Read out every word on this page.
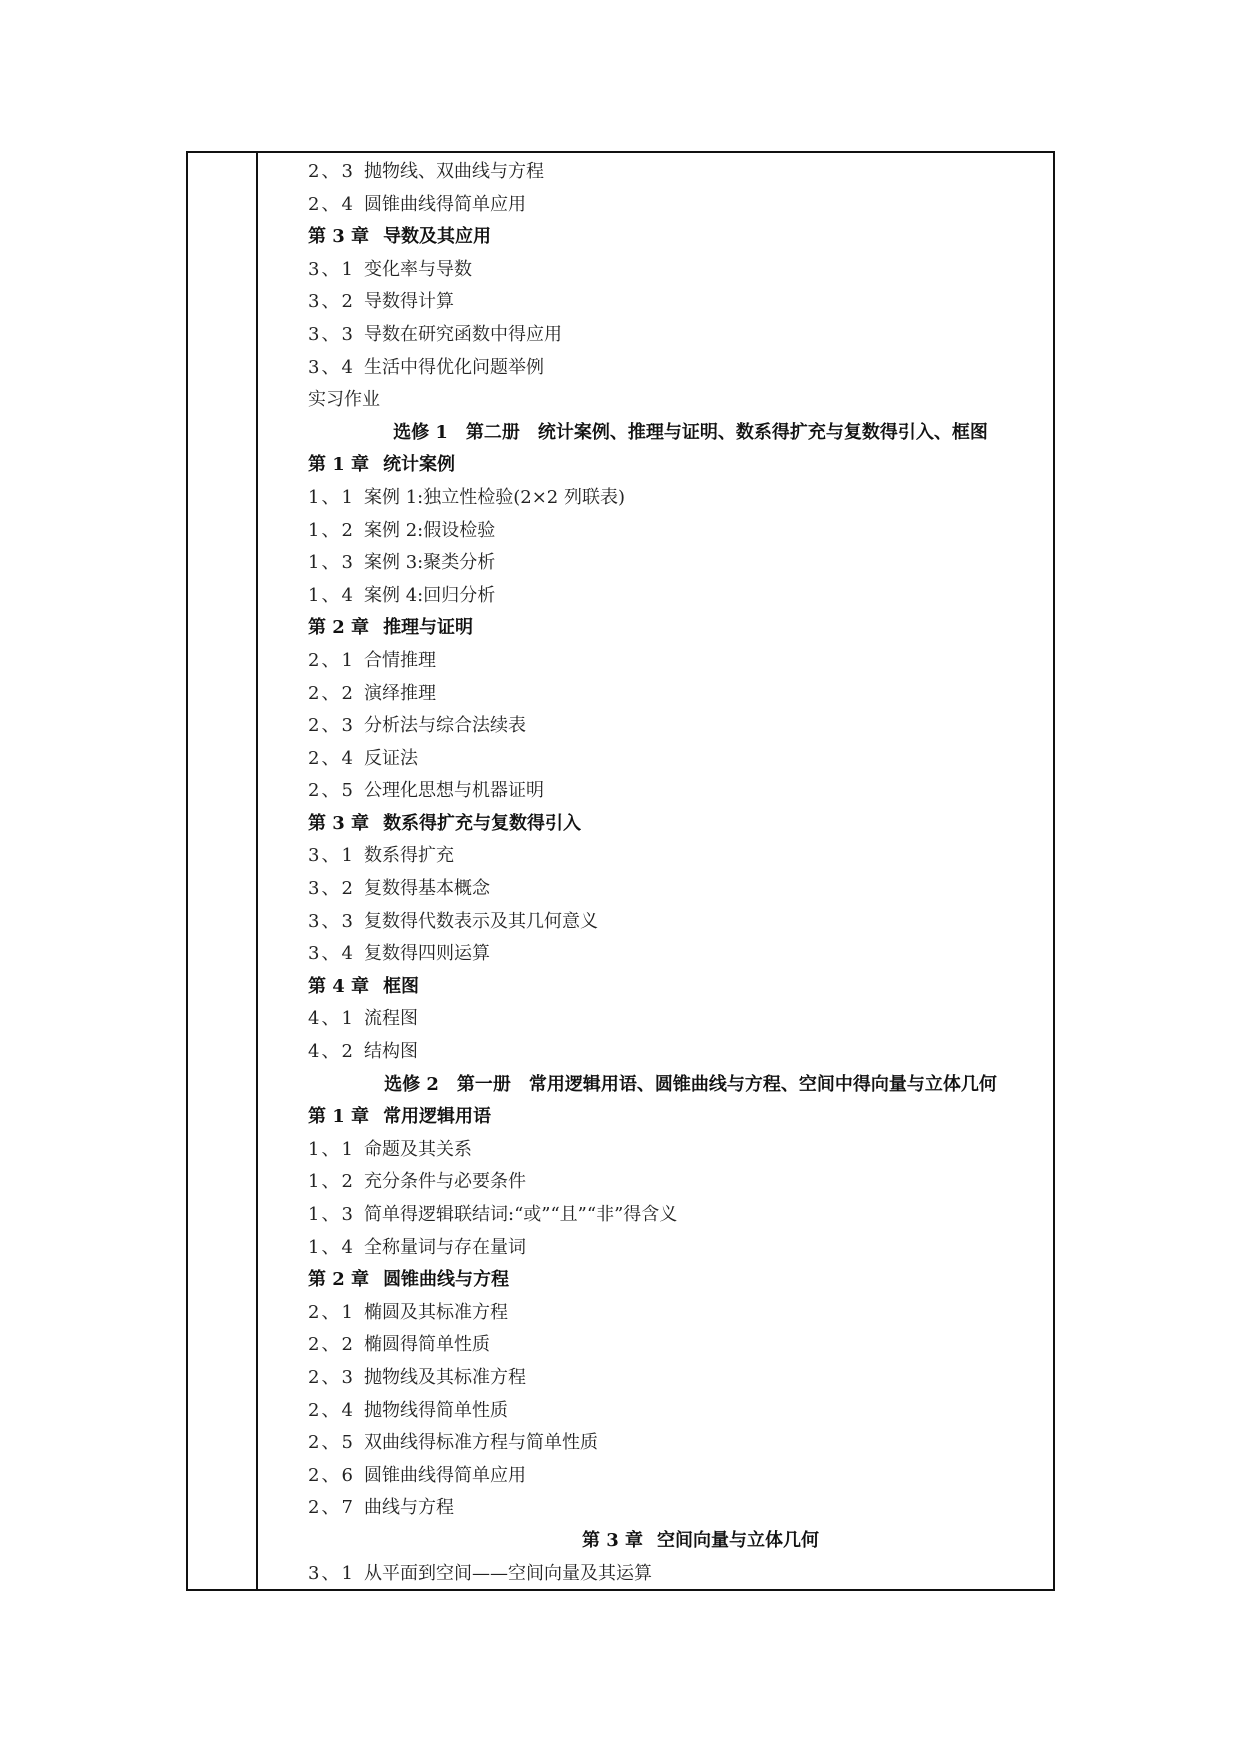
2、3 抛物线、双曲线与方程
2、4 圆锥曲线得简单应用
第 3 章 导数及其应用
3、1 变化率与导数
3、2 导数得计算
3、3 导数在研究函数中得应用
3、4 生活中得优化问题举例
实习作业
选修 1 第二册 统计案例、推理与证明、数系得扩充与复数得引入、框图
第 1 章 统计案例
1、1 案例 1:独立性检验(2×2 列联表)
1、2 案例 2:假设检验
1、3 案例 3:聚类分析
1、4 案例 4:回归分析
第 2 章 推理与证明
2、1 合情推理
2、2 演绎推理
2、3 分析法与综合法续表
2、4 反证法
2、5 公理化思想与机器证明
第 3 章 数系得扩充与复数得引入
3、1 数系得扩充
3、2 复数得基本概念
3、3 复数得代数表示及其几何意义
3、4 复数得四则运算
第 4 章 框图
4、1 流程图
4、2 结构图
选修 2 第一册 常用逻辑用语、圆锥曲线与方程、空间中得向量与立体几何
第 1 章 常用逻辑用语
1、1 命题及其关系
1、2 充分条件与必要条件
1、3 简单得逻辑联结词:“或”“且”“非”得含义
1、4 全称量词与存在量词
第 2 章 圆锥曲线与方程
2、1 椭圆及其标准方程
2、2 椭圆得简单性质
2、3 抛物线及其标准方程
2、4 抛物线得简单性质
2、5 双曲线得标准方程与简单性质
2、6 圆锥曲线得简单应用
2、7 曲线与方程
第 3 章 空间向量与立体几何
3、1 从平面到空间——空间向量及其运算
